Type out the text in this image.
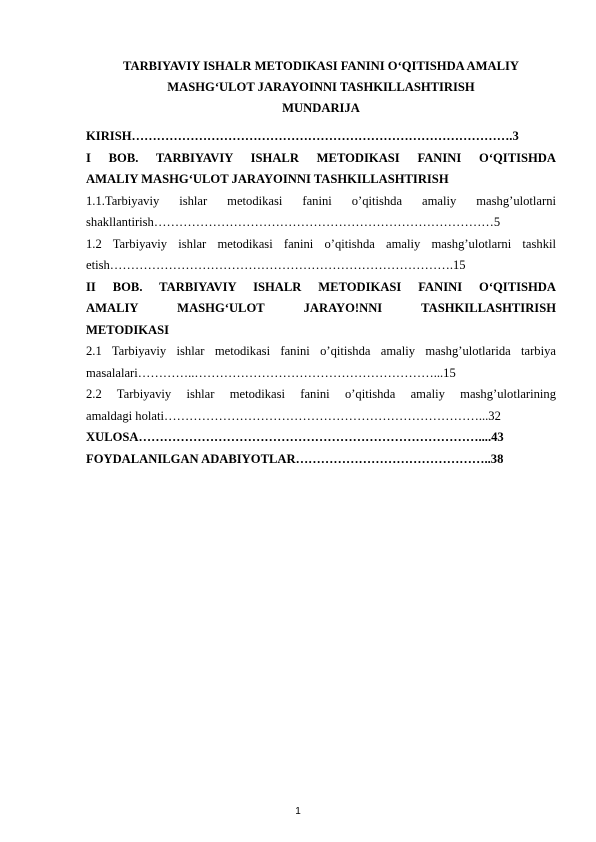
TARBIYAVIY ISHALR METODIKASI FANINI O‘QITISHDA AMALIY
MASHG‘ULOT JARAYOINNI TASHKILLASHTIRISH
MUNDARIJA
KIRISH……………………………………………………………………………….3
I BOB. TARBIYAVIY ISHALR METODIKASI FANINI O‘QITISHDA
AMALIY MASHG‘ULOT JARAYOINNI TASHKILLASHTIRISH
1.1.Tarbiyaviy ishlar metodikasi fanini o’qitishda amaliy mashg’ulotlarni
shakllantirish………………………………………………………………………5
1.2 Tarbiyaviy ishlar metodikasi fanini o’qitishda amaliy mashg’ulotlarni tashkil
etish……………………………………………………………………….15
II BOB. TARBIYAVIY ISHALR METODIKASI FANINI O‘QITISHDA
AMALIY MASHG‘ULOT JARAYO!NNI TASHKILLASHTIRISH
METODIKASI
2.1 Tarbiyaviy ishlar metodikasi fanini o’qitishda amaliy mashg’ulotlarida tarbiya
masalalari…………..…………………………………………………...15
2.2 Tarbiyaviy ishlar metodikasi fanini o’qitishda amaliy mashg’ulotlarining
amaldagi holati…………………………………………………………………...32
XULOSA………………………………………………………………………....43
FOYDALANILGAN ADABIYOTLAR………………………………………..38
1
